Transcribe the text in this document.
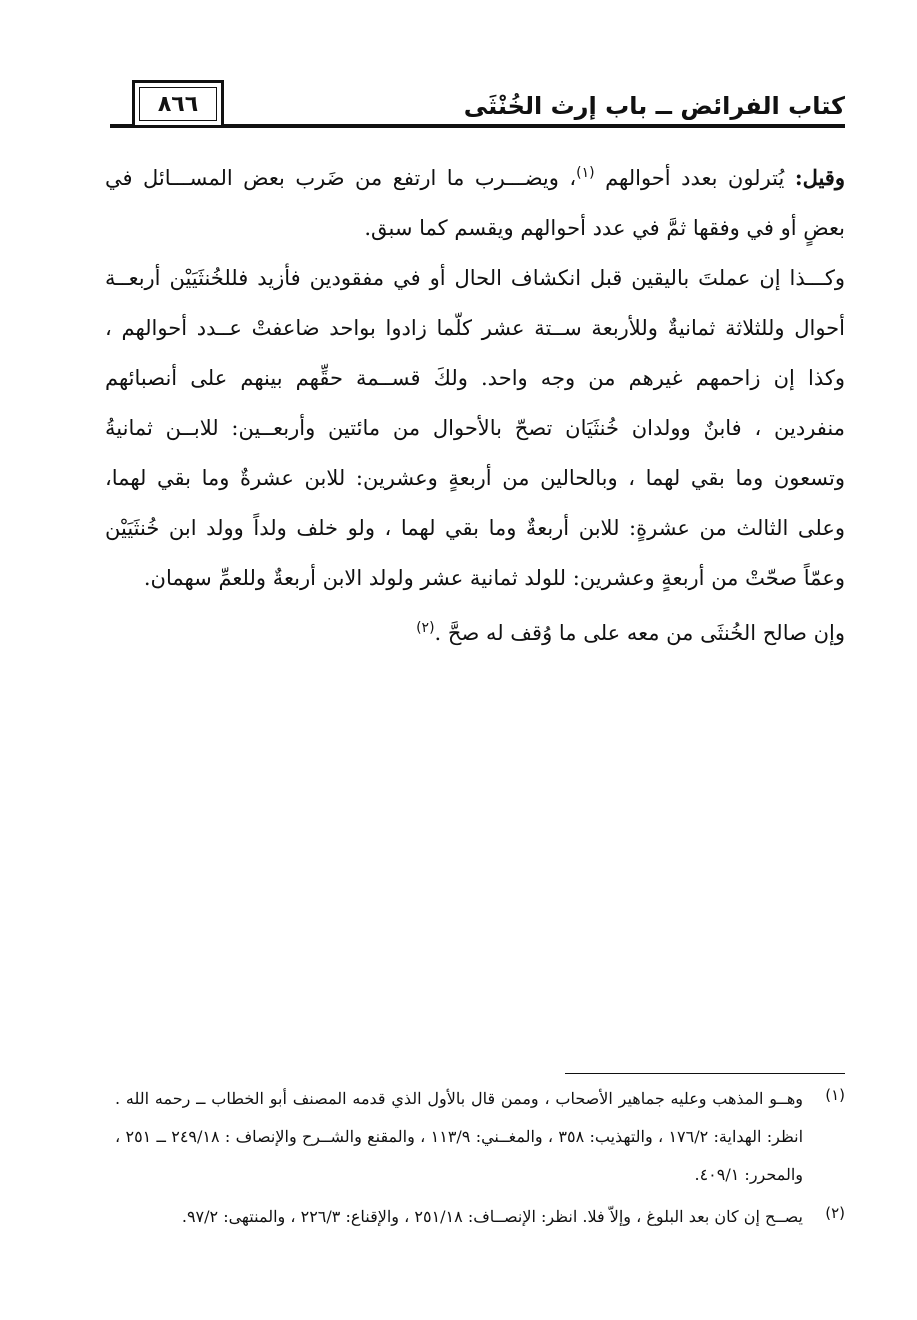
٨٦٦	كتاب الفرائض ــ باب إرث الخُنْثَى

وقيل: يُترلون بعدد أحوالهم $^{(١)}$، ويضـــرب ما ارتفع من ضَرب بعض المســـائل في بعضٍ أو في وفقها ثمَّ في عدد أحوالهم ويقسم كما سبق.

وكـــذا إن عملتَ باليقين قبل انكشاف الحال أو في مفقودين فأزيد فللخُنثَيَيْن أربعــة أحوال وللثلاثة ثمانيةٌ وللأربعة ســتة عشر كلّما زادوا بواحد ضاعفتْ عــدد أحوالهم ، وكذا إن زاحمهم غيرهم من وجه واحد. ولكَ قســمة حقِّهم بينهم على أنصبائهم منفردين ، فابنٌ وولدان خُنثَيَان تصحّ بالأحوال من مائتين وأربعــين: للابــن ثمانيةُ وتسعون وما بقي لهما ، وبالحالين من أربعةٍ وعشرين: للابن عشرةٌ وما بقي لهما، وعلى الثالث من عشرةٍ: للابن أربعةٌ وما بقي لهما ، ولو خلف ولداً وولد ابن خُنثَيَيْن وعمّاً صحّتْ من أربعةٍ وعشرين: للولد ثمانية عشر ولولد الابن أربعةٌ وللعمِّ سهمان.

وإن صالح الخُنثَى من معه على ما وُقف له صحَّ .$^{(٢)}$

(١)
وهــو المذهب وعليه جماهير الأصحاب ، وممن قال بالأول الذي قدمه المصنف أبو الخطاب ــ رحمه الله . انظر: الهداية: ١٧٦/٢ ، والتهذيب: ٣٥٨ ، والمغــني: ١١٣/٩ ، والمقنع والشــرح والإنصاف : ٢٤٩/١٨ ــ ٢٥١ ، والمحرر: ٤٠٩/١.
(٢)
يصــح إن كان بعد البلوغ ، وإلاّ فلا. انظر: الإنصــاف: ٢٥١/١٨ ، والإقناع: ٢٢٦/٣ ، والمنتهى: ٩٧/٢.
